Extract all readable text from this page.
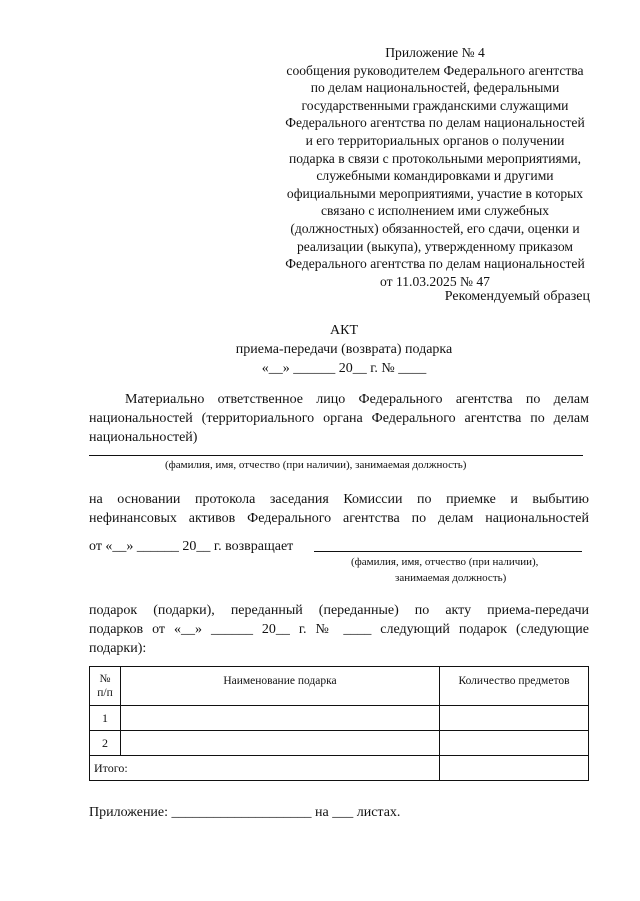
Приложение № 4
сообщения руководителем Федерального агентства
по делам национальностей, федеральными
государственными гражданскими служащими
Федерального агентства по делам национальностей
и его территориальных органов о получении
подарка в связи с протокольными мероприятиями,
служебными командировками и другими
официальными мероприятиями, участие в которых
связано с исполнением ими служебных
(должностных) обязанностей, его сдачи, оценки и
реализации (выкупа), утвержденному приказом
Федерального агентства по делам национальностей
от 11.03.2025 № 47
Рекомендуемый образец
АКТ
приема-передачи (возврата) подарка
«__» ______ 20__ г. № ____
Материально ответственное лицо Федерального агентства по делам
национальностей (территориального органа Федерального агентства по делам
национальностей)
(фамилия, имя, отчество (при наличии), занимаемая должность)
на основании протокола заседания Комиссии по приемке и выбытию
нефинансовых активов Федерального агентства по делам национальностей
от «__» ______ 20__ г. возвращает
(фамилия, имя, отчество (при наличии),
занимаемая должность)
подарок (подарки), переданный (переданные) по акту приема-передачи
подарков от «__» ______ 20__ г. № ____ следующий подарок (следующие
подарки):
№ п/п	Наименование подарка	Количество предметов
1		
2		
Итого:		
Приложение: ____________________ на ___ листах.
